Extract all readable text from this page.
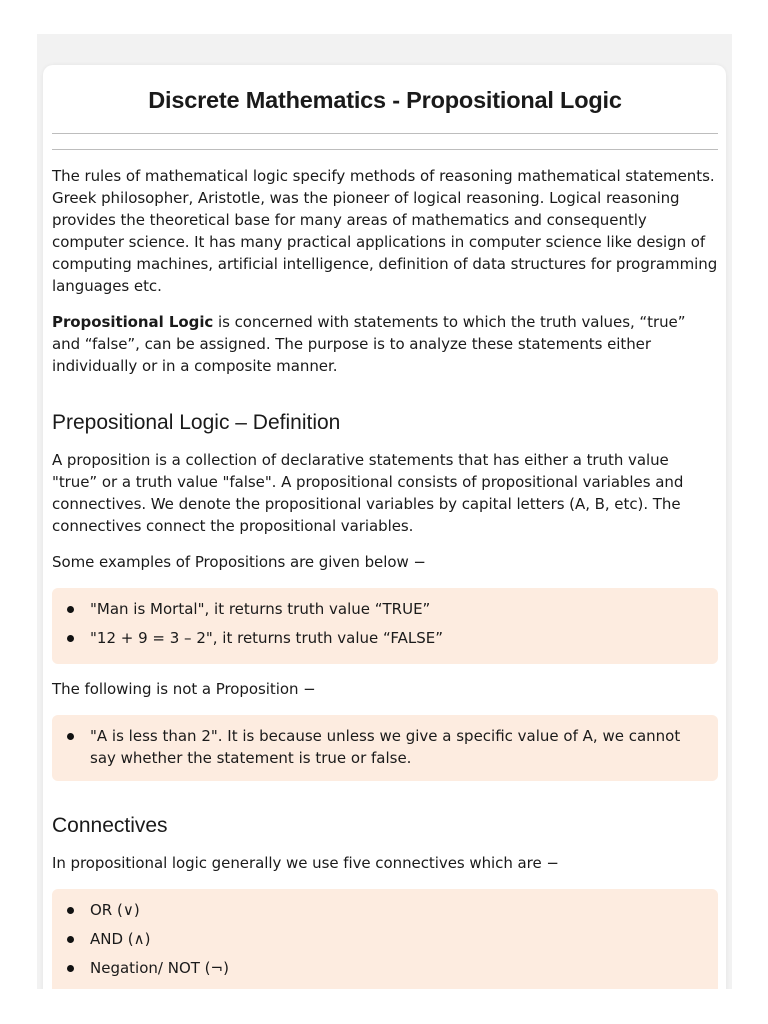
Discrete Mathematics - Propositional Logic

The rules of mathematical logic specify methods of reasoning mathematical statements. Greek philosopher, Aristotle, was the pioneer of logical reasoning. Logical reasoning provides the theoretical base for many areas of mathematics and consequently computer science. It has many practical applications in computer science like design of computing machines, artificial intelligence, definition of data structures for programming languages etc.

Propositional Logic is concerned with statements to which the truth values, “true” and “false”, can be assigned. The purpose is to analyze these statements either individually or in a composite manner.

Prepositional Logic – Definition

A proposition is a collection of declarative statements that has either a truth value "true” or a truth value "false". A propositional consists of propositional variables and connectives. We denote the propositional variables by capital letters (A, B, etc). The connectives connect the propositional variables.

Some examples of Propositions are given below −

"Man is Mortal", it returns truth value “TRUE”
"12 + 9 = 3 – 2", it returns truth value “FALSE”

The following is not a Proposition −

"A is less than 2". It is because unless we give a specific value of A, we cannot say whether the statement is true or false.
Connectives

In propositional logic generally we use five connectives which are −

OR (∨)
AND (∧)
Negation/ NOT (¬)
